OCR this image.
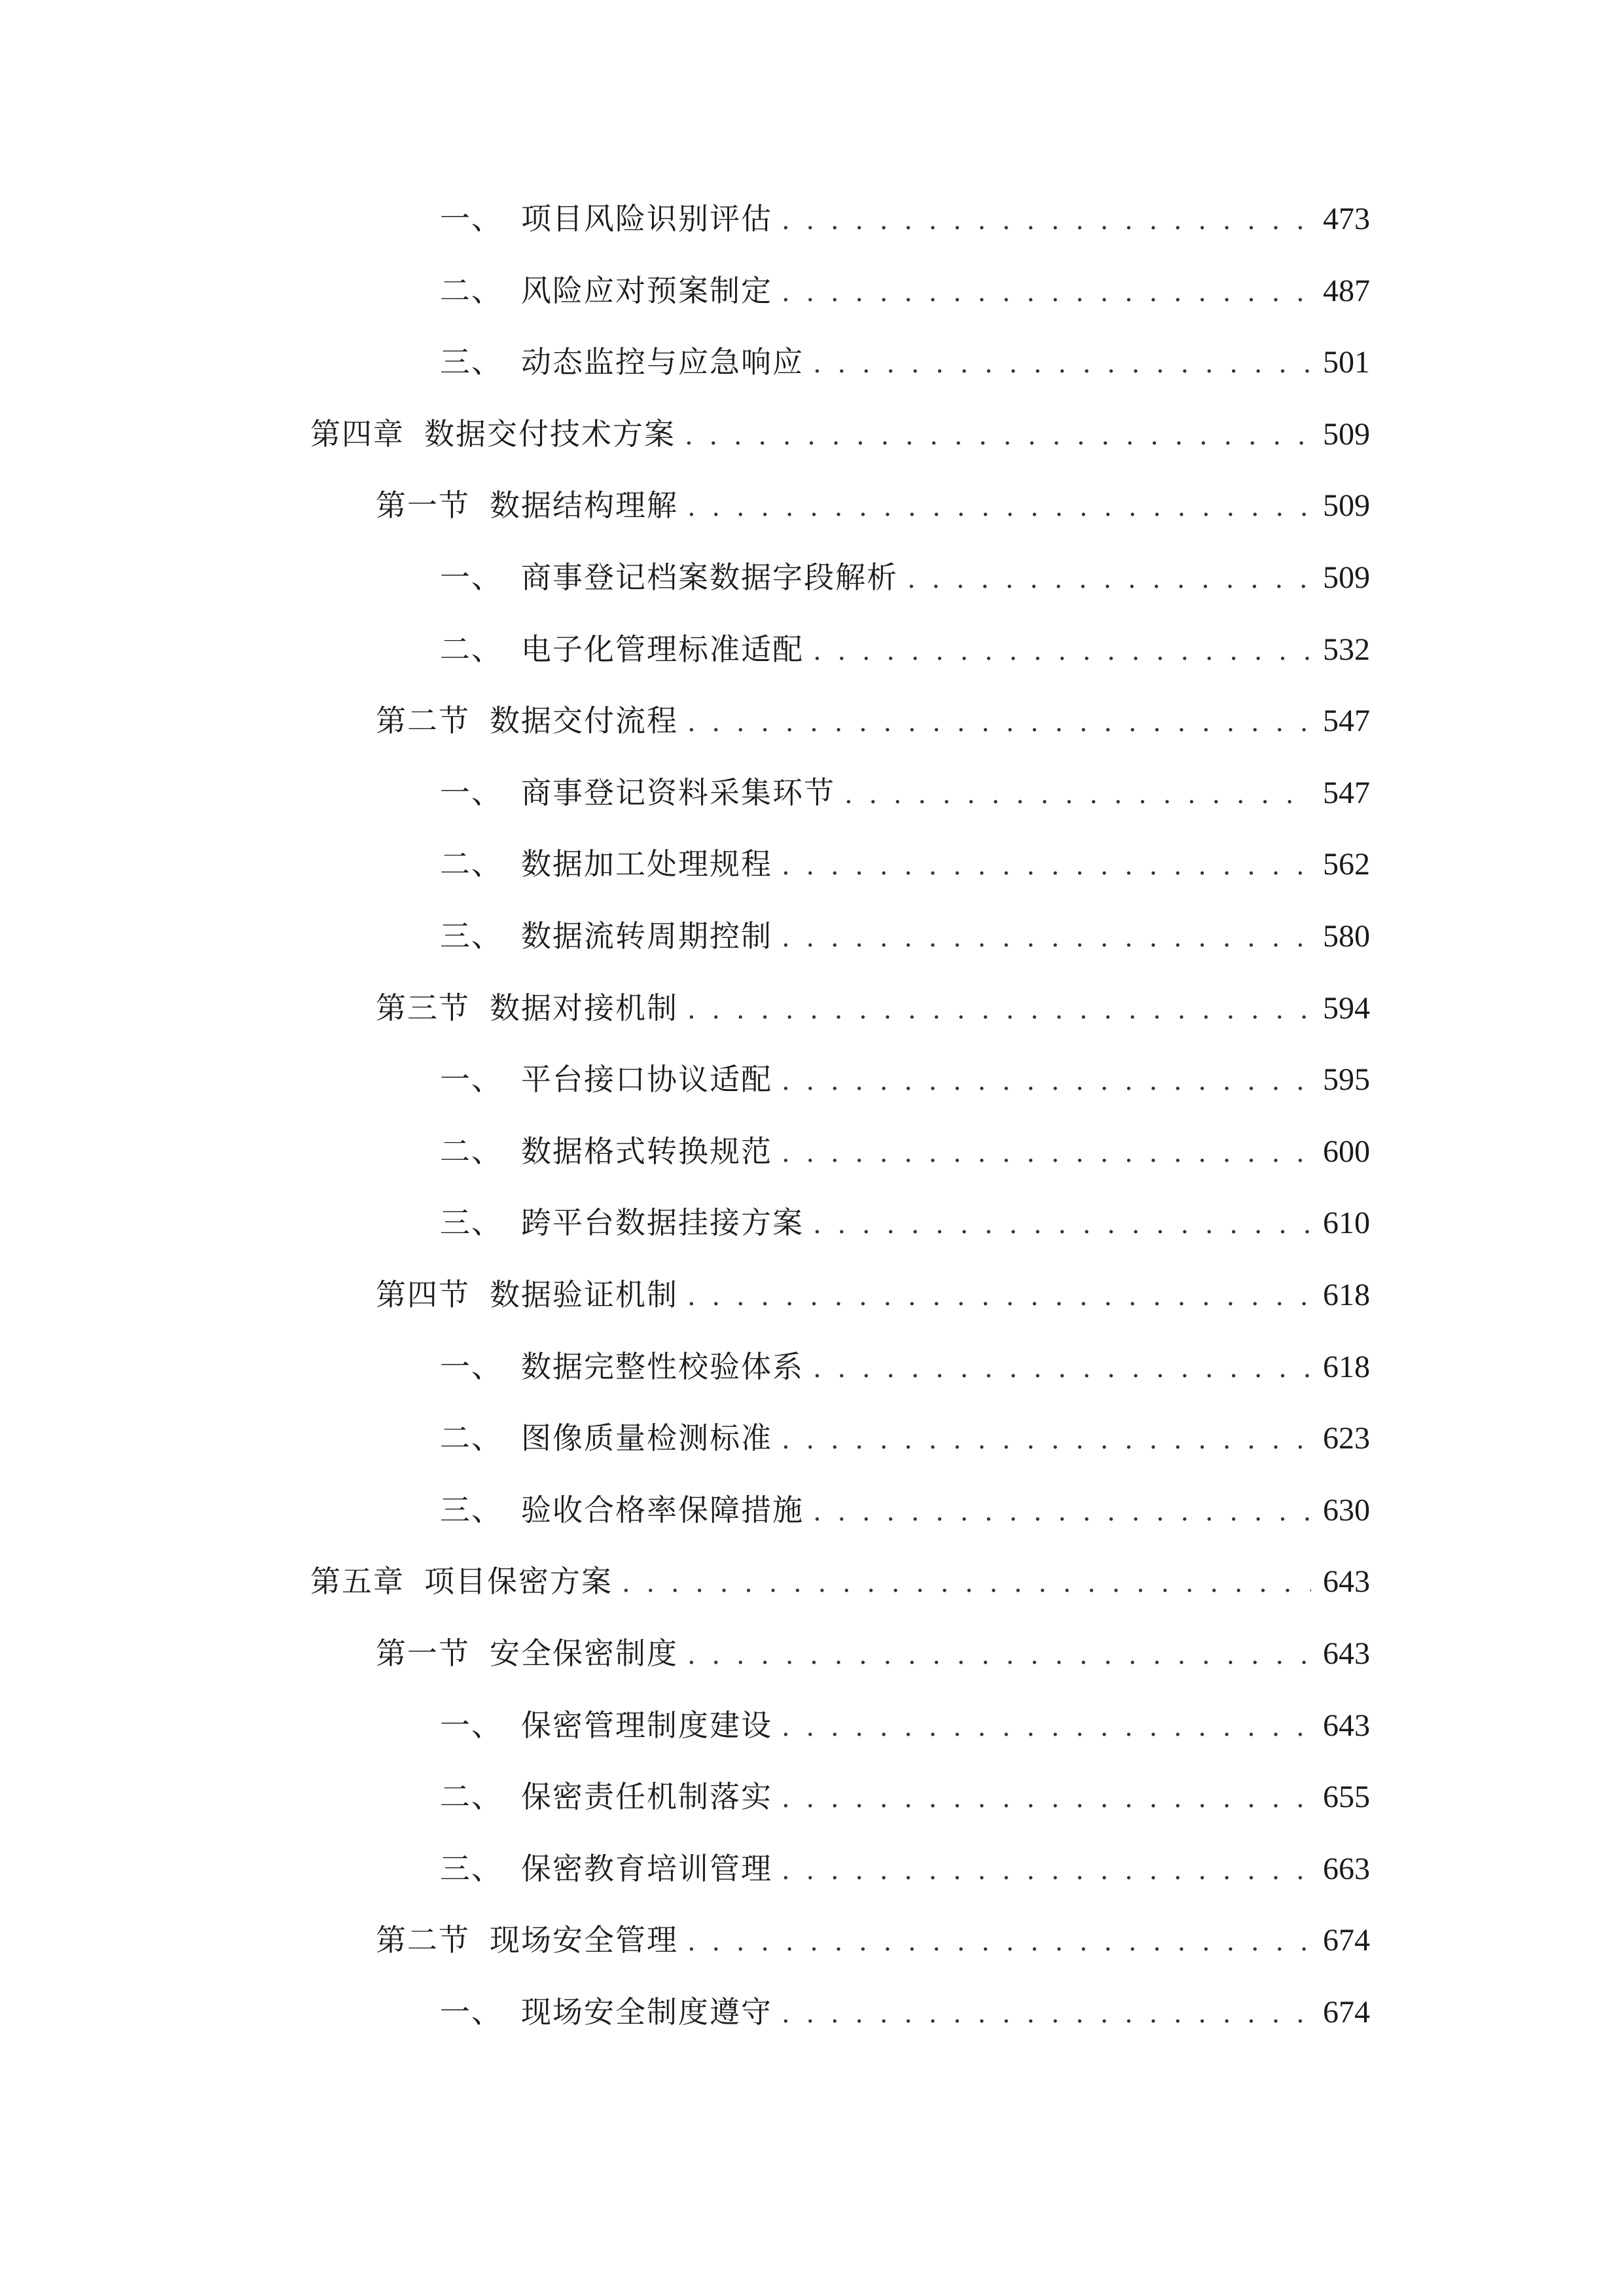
一、 项目风险识别评估 . . .	473
二、 风险应对预案制定 . . .	487
三、 动态监控与应急响应 . . .	501
第四章 数据交付技术方案 . . .	509
第一节 数据结构理解 . . .	509
一、 商事登记档案数据字段解析 . . .	509
二、 电子化管理标准适配 . . .	532
第二节 数据交付流程 . . .	547
一、 商事登记资料采集环节 . . .	547
二、 数据加工处理规程 . . .	562
三、 数据流转周期控制 . . .	580
第三节 数据对接机制 . . .	594
一、 平台接口协议适配 . . .	595
二、 数据格式转换规范 . . .	600
三、 跨平台数据挂接方案 . . .	610
第四节 数据验证机制 . . .	618
一、 数据完整性校验体系 . . .	618
二、 图像质量检测标准 . . .	623
三、 验收合格率保障措施 . . .	630
第五章 项目保密方案 . . .	643
第一节 安全保密制度 . . .	643
一、 保密管理制度建设 . . .	643
二、 保密责任机制落实 . . .	655
三、 保密教育培训管理 . . .	663
第二节 现场安全管理 . . .	674
一、 现场安全制度遵守 . . .	674
